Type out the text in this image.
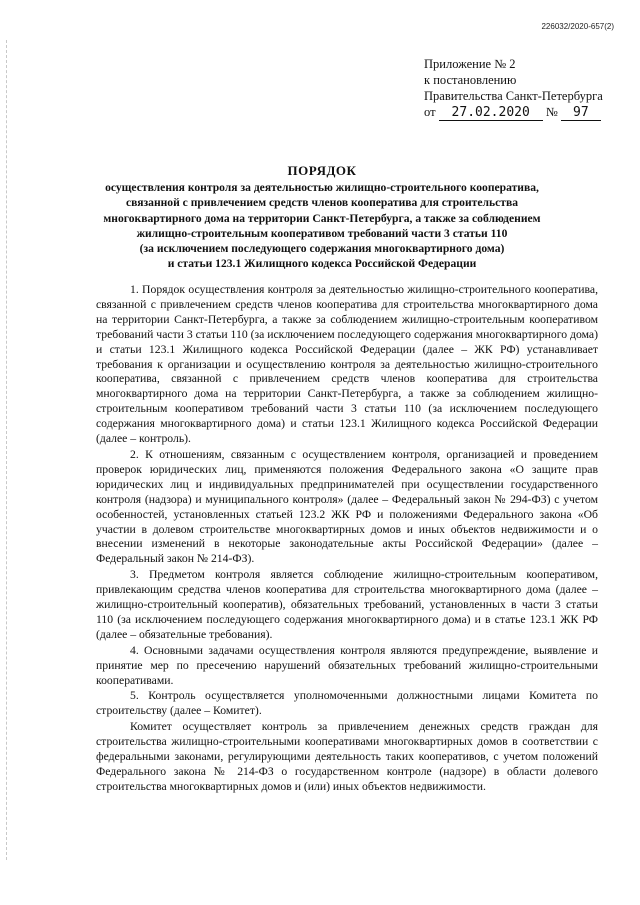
226032/2020-657(2)
Приложение № 2
к постановлению
Правительства Санкт-Петербурга
от 27.02.2020 № 97
ПОРЯДОК
осуществления контроля за деятельностью жилищно-строительного кооператива,
связанной с привлечением средств членов кооператива для строительства
многоквартирного дома на территории Санкт-Петербурга, а также за соблюдением
жилищно-строительным кооперативом требований части 3 статьи 110
(за исключением последующего содержания многоквартирного дома)
и статьи 123.1 Жилищного кодекса Российской Федерации

1. Порядок осуществления контроля за деятельностью жилищно-строительного кооператива, связанной с привлечением средств членов кооператива для строительства многоквартирного дома на территории Санкт-Петербурга, а также за соблюдением жилищно-строительным кооперативом требований части 3 статьи 110 (за исключением последующего содержания многоквартирного дома) и статьи 123.1 Жилищного кодекса Российской Федерации (далее – ЖК РФ) устанавливает требования к организации и осуществлению контроля за деятельностью жилищно-строительного кооператива, связанной с привлечением средств членов кооператива для строительства многоквартирного дома на территории Санкт-Петербурга, а также за соблюдением жилищно-строительным кооперативом требований части 3 статьи 110 (за исключением последующего содержания многоквартирного дома) и статьи 123.1 Жилищного кодекса Российской Федерации (далее – контроль).

2. К отношениям, связанным с осуществлением контроля, организацией и проведением проверок юридических лиц, применяются положения Федерального закона «О защите прав юридических лиц и индивидуальных предпринимателей при осуществлении государственного контроля (надзора) и муниципального контроля» (далее – Федеральный закон № 294-ФЗ) с учетом особенностей, установленных статьей 123.2 ЖК РФ и положениями Федерального закона «Об участии в долевом строительстве многоквартирных домов и иных объектов недвижимости и о внесении изменений в некоторые законодательные акты Российской Федерации» (далее – Федеральный закон № 214-ФЗ).

3. Предметом контроля является соблюдение жилищно-строительным кооперативом, привлекающим средства членов кооператива для строительства многоквартирного дома (далее – жилищно-строительный кооператив), обязательных требований, установленных в части 3 статьи 110 (за исключением последующего содержания многоквартирного дома) и в статье 123.1 ЖК РФ (далее – обязательные требования).

4. Основными задачами осуществления контроля являются предупреждение, выявление и принятие мер по пресечению нарушений обязательных требований жилищно-строительными кооперативами.

5. Контроль осуществляется уполномоченными должностными лицами Комитета по строительству (далее – Комитет).

Комитет осуществляет контроль за привлечением денежных средств граждан для строительства жилищно-строительными кооперативами многоквартирных домов в соответствии с федеральными законами, регулирующими деятельность таких кооперативов, с учетом положений Федерального закона № 214-ФЗ о государственном контроле (надзоре) в области долевого строительства многоквартирных домов и (или) иных объектов недвижимости.
